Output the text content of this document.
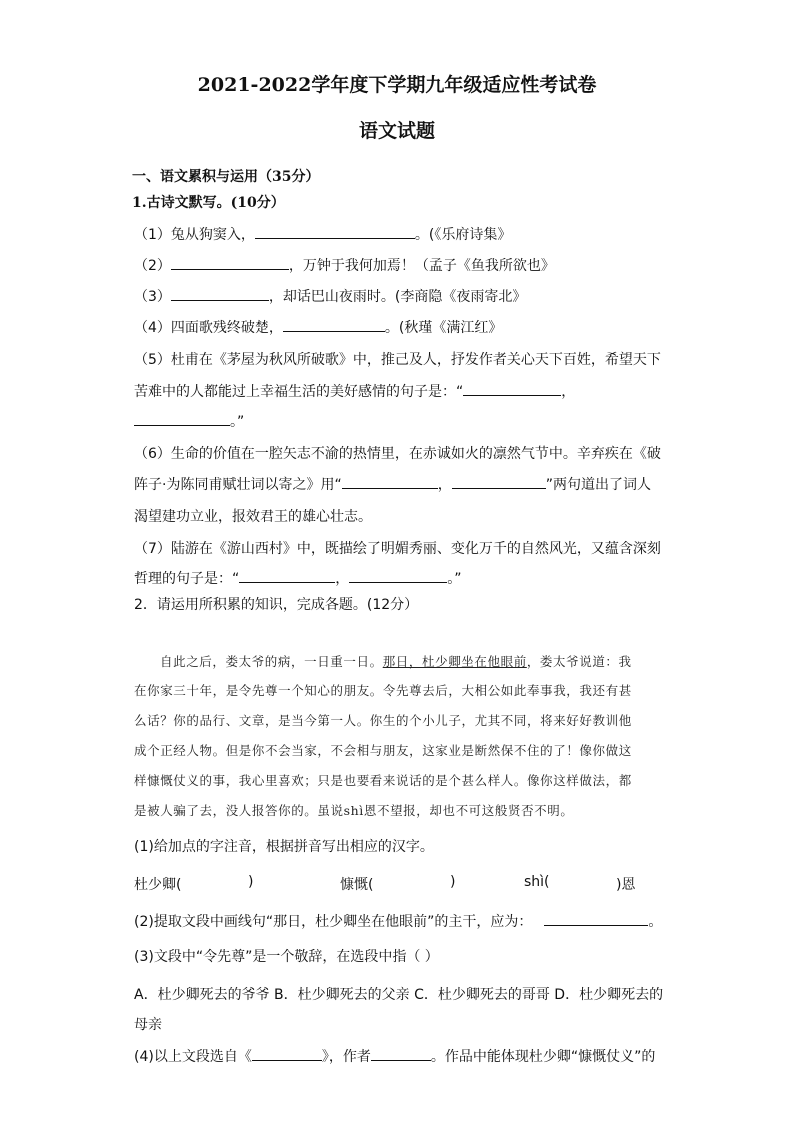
2021-2022学年度下学期九年级适应性考试卷
语文试题
一、语文累积与运用（35分）
1.古诗文默写。(10分）
（1）兔从狗窦入，	。(《乐府诗集》
（2）	，万钟于我何加焉！（孟子《鱼我所欲也》
（3）	，却话巴山夜雨时。(李商隐《夜雨寄北》
（4）四面歌残终破楚，	。(秋瑾《满江红》
（5）杜甫在《茅屋为秋风所破歌》中，推己及人，抒发作者关心天下百姓，希望天下
苦难中的人都能过上幸福生活的美好感情的句子是：“	，
。”
（6）生命的价值在一腔矢志不渝的热情里，在赤诚如火的凛然气节中。辛弃疾在《破
阵子·为陈同甫赋壮词以寄之》用“	，	”两句道出了词人
渴望建功立业，报效君王的雄心壮志。
（7）陆游在《游山西村》中，既描绘了明媚秀丽、变化万千的自然风光，又蕴含深刻
哲理的句子是：“	，	。”
2．请运用所积累的知识，完成各题。(12分）
自此之后，娄太爷的病，一日重一日。那日，杜少卿坐在他眼前，娄太爷说道：我
在你家三十年，是令先尊一个知心的朋友。令先尊去后，大相公如此奉事我，我还有甚
么话？你的品行、文章，是当今第一人。你生的个小儿子，尤其不同，将来好好教训他
成个正经人物。但是你不会当家，不会相与朋友，这家业是断然保不住的了！像你做这
样慷慨仗义的事，我心里喜欢；只是也要看来说话的是个甚么样人。像你这样做法，都
是被人骗了去，没人报答你的。虽说shì恩不望报，却也不可这般贤否不明。
(1)给加点的字注音，根据拼音写出相应的汉字。
杜少卿(	)	慷慨(	)	shì(	)恩
(2)提取文段中画线句“那日，杜少卿坐在他眼前”的主干，应为：	。
(3)文段中“令先尊”是一个敬辞，在选段中指（ ）
A．杜少卿死去的爷爷 B．杜少卿死去的父亲 C．杜少卿死去的哥哥 D．杜少卿死去的
母亲
(4)以上文段选自《	》，作者	。作品中能体现杜少卿“慷慨仗义”的
